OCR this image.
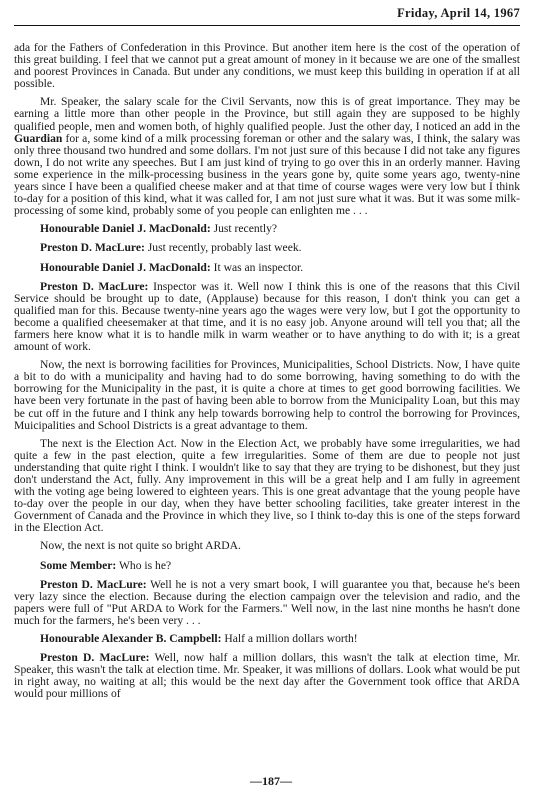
Friday, April 14, 1967

ada for the Fathers of Confederation in this Province. But another item here is the cost of the operation of this great building. I feel that we cannot put a great amount of money in it because we are one of the smallest and poorest Provinces in Canada. But under any conditions, we must keep this building in operation if at all possible.

Mr. Speaker, the salary scale for the Civil Servants, now this is of great importance. They may be earning a little more than other people in the Province, but still again they are supposed to be highly qualified people, men and women both, of highly qualified people. Just the other day, I noticed an add in the Guardian for a, some kind of a milk processing foreman or other and the salary was, I think, the salary was only three thousand two hundred and some dollars. I'm not just sure of this because I did not take any figures down, I do not write any speeches. But I am just kind of trying to go over this in an orderly manner. Having some experience in the milk-processing business in the years gone by, quite some years ago, twenty-nine years since I have been a qualified cheese maker and at that time of course wages were very low but I think to-day for a position of this kind, what it was called for, I am not just sure what it was. But it was some milk-processing of some kind, probably some of you people can enlighten me . . .

Honourable Daniel J. MacDonald: Just recently?

Preston D. MacLure: Just recently, probably last week.

Honourable Daniel J. MacDonald: It was an inspector.

Preston D. MacLure: Inspector was it. Well now I think this is one of the reasons that this Civil Service should be brought up to date, (Applause) because for this reason, I don't think you can get a qualified man for this. Because twenty-nine years ago the wages were very low, but I got the opportunity to become a qualified cheesemaker at that time, and it is no easy job. Anyone around will tell you that; all the farmers here know what it is to handle milk in warm weather or to have anything to do with it; is a great amount of work.

Now, the next is borrowing facilities for Provinces, Municipalities, School Districts. Now, I have quite a bit to do with a municipality and having had to do some borrowing, having something to do with the borrowing for the Municipality in the past, it is quite a chore at times to get good borrowing facilities. We have been very fortunate in the past of having been able to borrow from the Municipality Loan, but this may be cut off in the future and I think any help towards borrowing help to control the borrowing for Provinces, Muicipalities and School Districts is a great advantage to them.

The next is the Election Act. Now in the Election Act, we probably have some irregularities, we had quite a few in the past election, quite a few irregularities. Some of them are due to people not just understanding that quite right I think. I wouldn't like to say that they are trying to be dishonest, but they just don't understand the Act, fully. Any improvement in this will be a great help and I am fully in agreement with the voting age being lowered to eighteen years. This is one great advantage that the young people have to-day over the people in our day, when they have better schooling facilities, take greater interest in the Government of Canada and the Province in which they live, so I think to-day this is one of the steps forward in the Election Act.

Now, the next is not quite so bright ARDA.

Some Member: Who is he?

Preston D. MacLure: Well he is not a very smart book, I will guarantee you that, because he's been very lazy since the election. Because during the election campaign over the television and radio, and the papers were full of "Put ARDA to Work for the Farmers." Well now, in the last nine months he hasn't done much for the farmers, he's been very . . .

Honourable Alexander B. Campbell: Half a million dollars worth!

Preston D. MacLure: Well, now half a million dollars, this wasn't the talk at election time, Mr. Speaker, this wasn't the talk at election time. Mr. Speaker, it was millions of dollars. Look what would be put in right away, no waiting at all; this would be the next day after the Government took office that ARDA would pour millions of

—187—
